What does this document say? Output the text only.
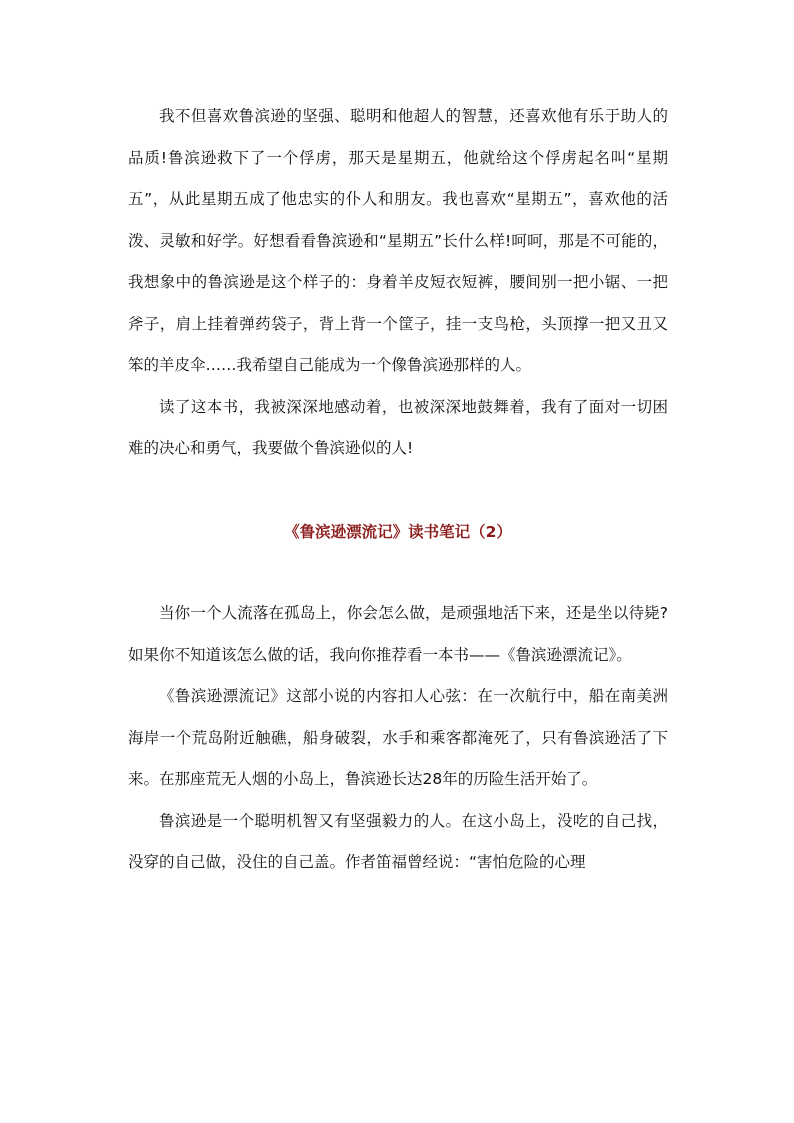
我不但喜欢鲁滨逊的坚强、聪明和他超人的智慧，还喜欢他有乐于助人的品质!鲁滨逊救下了一个俘虏，那天是星期五，他就给这个俘虏起名叫“星期五”，从此星期五成了他忠实的仆人和朋友。我也喜欢“星期五”，喜欢他的活泼、灵敏和好学。好想看看鲁滨逊和“星期五”长什么样!呵呵，那是不可能的，我想象中的鲁滨逊是这个样子的：身着羊皮短衣短裤，腰间别一把小锯、一把斧子，肩上挂着弹药袋子，背上背一个筐子，挂一支鸟枪，头顶撑一把又丑又笨的羊皮伞……我希望自己能成为一个像鲁滨逊那样的人。

读了这本书，我被深深地感动着，也被深深地鼓舞着，我有了面对一切困难的决心和勇气，我要做个鲁滨逊似的人!

《鲁滨逊漂流记》读书笔记（2）

当你一个人流落在孤岛上，你会怎么做，是顽强地活下来，还是坐以待毙?如果你不知道该怎么做的话，我向你推荐看一本书——《鲁滨逊漂流记》。

《鲁滨逊漂流记》这部小说的内容扣人心弦：在一次航行中，船在南美洲海岸一个荒岛附近触礁，船身破裂，水手和乘客都淹死了，只有鲁滨逊活了下来。在那座荒无人烟的小岛上，鲁滨逊长达28年的历险生活开始了。

鲁滨逊是一个聪明机智又有坚强毅力的人。在这小岛上，没吃的自己找，没穿的自己做，没住的自己盖。作者笛福曾经说：“害怕危险的心理
